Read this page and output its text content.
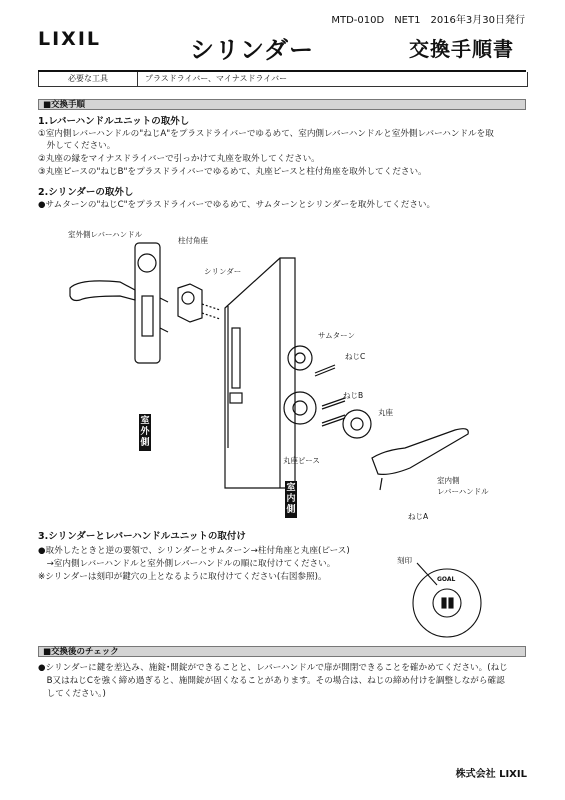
LIXIL
MTD-010D　NET1　2016年3月30日発行
シリンダー	交換手順書
必要な工具	プラスドライバー、マイナスドライバー
■交換手順
1.レバーハンドルユニットの取外し
①室内側レバーハンドルの"ねじA"をプラスドライバーでゆるめて、室内側レバーハンドルと室外側レバーハンドルを取
　外してください。
②丸座の縁をマイナスドライバーで引っかけて丸座を取外してください。
③丸座ピースの"ねじB"をプラスドライバーでゆるめて、丸座ピースと柱付角座を取外してください。
2.シリンダーの取外し
●サムターンの"ねじC"をプラスドライバーでゆるめて、サムターンとシリンダーを取外してください。
室外側レバーハンドル
柱付角座
シリンダー
サムターン
ねじC
ねじB
丸座
丸座ピース
室内側
レバーハンドル
ねじA
室外側
室内側
3.シリンダーとレバーハンドルユニットの取付け
●取外したときと逆の要領で、シリンダーとサムターン→柱付角座と丸座(ピース)
　→室内側レバーハンドルと室外側レバーハンドルの順に取付けてください。
※シリンダーは刻印が鍵穴の上となるように取付けてください(右図参照)。
刻印
GOAL
■交換後のチェック
●シリンダーに鍵を差込み、施錠･開錠ができることと、レバーハンドルで扉が開閉できることを確かめてください。(ねじ
　B又はねじCを強く締め過ぎると、施開錠が固くなることがあります。その場合は、ねじの締め付けを調整しながら確認
　してください。)
株式会社 LIXIL
